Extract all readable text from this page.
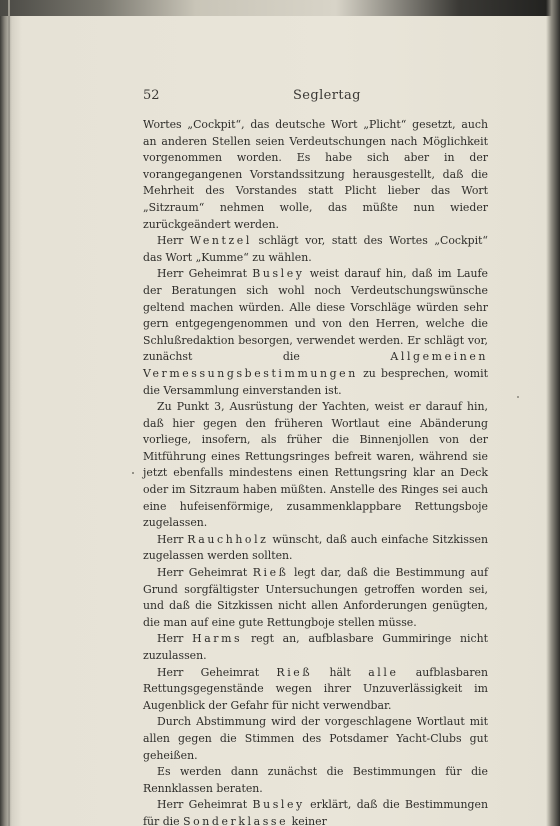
52	Seglertag

Wortes „Cockpit“, das deutsche Wort „Plicht“ gesetzt, auch an anderen Stellen seien Verdeutschungen nach Möglichkeit vorgenommen worden. Es habe sich aber in der vorangegangenen Vorstandssitzung herausgestellt, daß die Mehrheit des Vorstandes statt Plicht lieber das Wort „Sitzraum“ nehmen wolle, das müßte nun wieder zurückgeändert werden.

Herr Wentzel schlägt vor, statt des Wortes „Cockpit“ das Wort „Kumme“ zu wählen.

Herr Geheimrat Busley weist darauf hin, daß im Laufe der Beratungen sich wohl noch Verdeutschungswünsche geltend machen würden. Alle diese Vorschläge würden sehr gern entgegengenommen und von den Herren, welche die Schlußredaktion besorgen, verwendet werden. Er schlägt vor, zunächst die Allgemeinen Vermessungsbestimmungen zu besprechen, womit die Versammlung einverstanden ist.

Zu Punkt 3, Ausrüstung der Yachten, weist er darauf hin, daß hier gegen den früheren Wortlaut eine Abänderung vorliege, insofern, als früher die Binnenjollen von der Mitführung eines Rettungsringes befreit waren, während sie jetzt ebenfalls mindestens einen Rettungsring klar an Deck oder im Sitzraum haben müßten. Anstelle des Ringes sei auch eine hufeisenförmige, zusammenklappbare Rettungsboje zugelassen.

Herr Rauchholz wünscht, daß auch einfache Sitzkissen zugelassen werden sollten.

Herr Geheimrat Rieß legt dar, daß die Bestimmung auf Grund sorgfältigster Untersuchungen getroffen worden sei, und daß die Sitzkissen nicht allen Anforderungen genügten, die man auf eine gute Rettungboje stellen müsse.

Herr Harms regt an, aufblasbare Gummiringe nicht zuzulassen.

Herr Geheimrat Rieß hält alle aufblasbaren Rettungsgegenstände wegen ihrer Unzuverlässigkeit im Augenblick der Gefahr für nicht verwendbar.

Durch Abstimmung wird der vorgeschlagene Wortlaut mit allen gegen die Stimmen des Potsdamer Yacht-Clubs gut geheißen.

Es werden dann zunächst die Bestimmungen für die Rennklassen beraten.

Herr Geheimrat Busley erklärt, daß die Bestimmungen für die Sonderklasse keiner
